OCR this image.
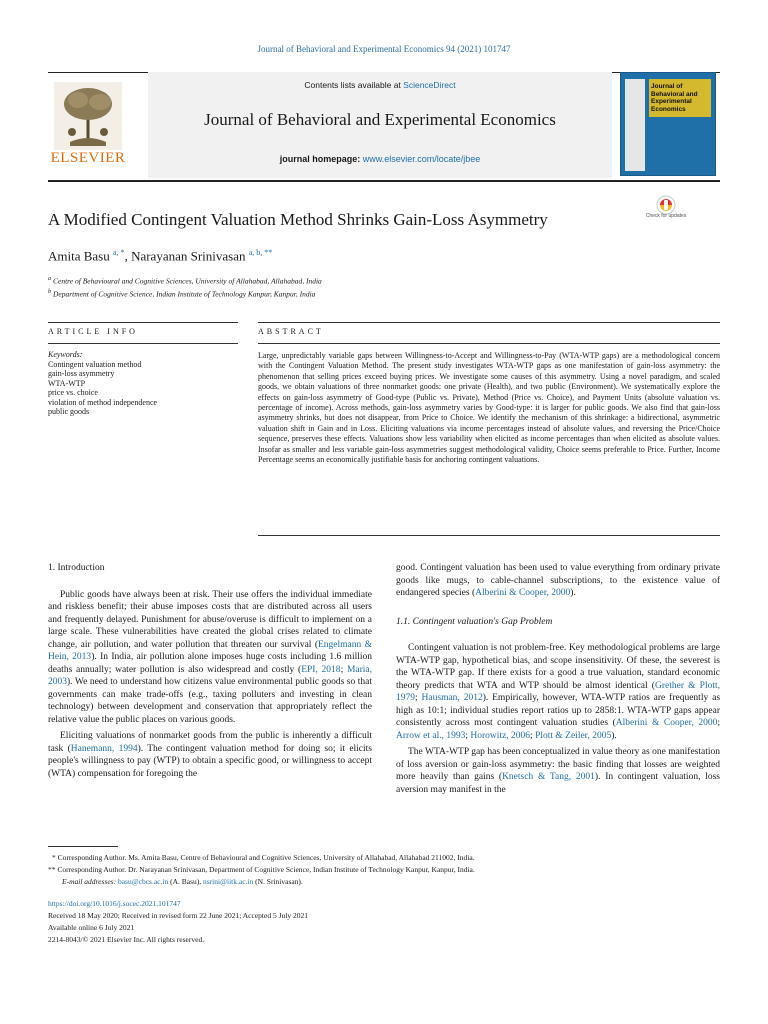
Journal of Behavioral and Experimental Economics 94 (2021) 101747
ELSEVIER
Contents lists available at ScienceDirect
Journal of Behavioral and Experimental Economics
journal homepage: www.elsevier.com/locate/jbee
Journal of Behavioral and Experimental Economics
A Modified Contingent Valuation Method Shrinks Gain-Loss Asymmetry	Check for updates
Amita Basu $^{a, *}$, Narayanan Srinivasan $^{a, b, **}$
$^a$ Centre of Behavioural and Cognitive Sciences, University of Allahabad, Allahabad, India
$^b$ Department of Cognitive Science, Indian Institute of Technology Kanpur, Kanpur, India
ARTICLE INFO	ABSTRACT
Keywords:
Contingent valuation method
gain-loss asymmetry
WTA-WTP
price vs. choice
violation of method independence
public goods
Large, unpredictably variable gaps between Willingness-to-Accept and Willingness-to-Pay (WTA-WTP gaps) are a methodological concern with the Contingent Valuation Method. The present study investigates WTA-WTP gaps as one manifestation of gain-loss asymmetry: the phenomenon that selling prices exceed buying prices. We investigate some causes of this asymmetry. Using a novel paradigm, and scaled goods, we obtain valuations of three nonmarket goods: one private (Health), and two public (Environment). We systematically explore the effects on gain-loss asymmetry of Good-type (Public vs. Private), Method (Price vs. Choice), and Payment Units (absolute valuation vs. percentage of income). Across methods, gain-loss asymmetry varies by Good-type: it is larger for public goods. We also find that gain-loss asymmetry shrinks, but does not disappear, from Price to Choice. We identify the mechanism of this shrinkage: a bidirectional, asymmetric valuation shift in Gain and in Loss. Eliciting valuations via income percentages instead of absolute values, and reversing the Price/Choice sequence, preserves these effects. Valuations show less variability when elicited as income percentages than when elicited as absolute values. Insofar as smaller and less variable gain-loss asymmetries suggest methodological validity, Choice seems preferable to Price. Further, Income Percentage seems an economically justifiable basis for anchoring contingent valuations.

1. Introduction

Public goods have always been at risk. Their use offers the individual immediate and riskless benefit; their abuse imposes costs that are distributed across all users and frequently delayed. Punishment for abuse/overuse is difficult to implement on a large scale. These vulnerabilities have created the global crises related to climate change, air pollution, and water pollution that threaten our survival (Engelmann & Hein, 2013). In India, air pollution alone imposes huge costs including 1.6 million deaths annually; water pollution is also widespread and costly (EPI, 2018; Maria, 2003). We need to understand how citizens value environmental public goods so that governments can make trade-offs (e.g., taxing polluters and investing in clean technology) between development and conservation that appropriately reflect the relative value the public places on various goods.

Eliciting valuations of nonmarket goods from the public is inherently a difficult task (Hanemann, 1994). The contingent valuation method for doing so; it elicits people's willingness to pay (WTP) to obtain a specific good, or willingness to accept (WTA) compensation for foregoing the

good. Contingent valuation has been used to value everything from ordinary private goods like mugs, to cable-channel subscriptions, to the existence value of endangered species (Alberini & Cooper, 2000).

1.1. Contingent valuation's Gap Problem

Contingent valuation is not problem-free. Key methodological problems are large WTA-WTP gap, hypothetical bias, and scope insensitivity. Of these, the severest is the WTA-WTP gap. If there exists for a good a true valuation, standard economic theory predicts that WTA and WTP should be almost identical (Grether & Plott, 1979; Hausman, 2012). Empirically, however, WTA-WTP ratios are frequently as high as 10:1; individual studies report ratios up to 2858:1. WTA-WTP gaps appear consistently across most contingent valuation studies (Alberini & Cooper, 2000; Arrow et al., 1993; Horowitz, 2006; Plott & Zeiler, 2005).

The WTA-WTP gap has been conceptualized in value theory as one manifestation of loss aversion or gain-loss asymmetry: the basic finding that losses are weighted more heavily than gains (Knetsch & Tang, 2001). In contingent valuation, loss aversion may manifest in the

* Corresponding Author. Ms. Amita Basu, Centre of Behavioural and Cognitive Sciences, University of Allahabad, Allahabad 211002, India.
** Corresponding Author. Dr. Narayanan Srinivasan, Department of Cognitive Science, Indian Institute of Technology Kanpur, Kanpur, India.
E-mail addresses: basu@cbcs.ac.in (A. Basu), nsrini@iitk.ac.in (N. Srinivasan).
https://doi.org/10.1016/j.socec.2021.101747
Received 18 May 2020; Received in revised form 22 June 2021; Accepted 5 July 2021
Available online 6 July 2021
2214-8043/© 2021 Elsevier Inc. All rights reserved.
